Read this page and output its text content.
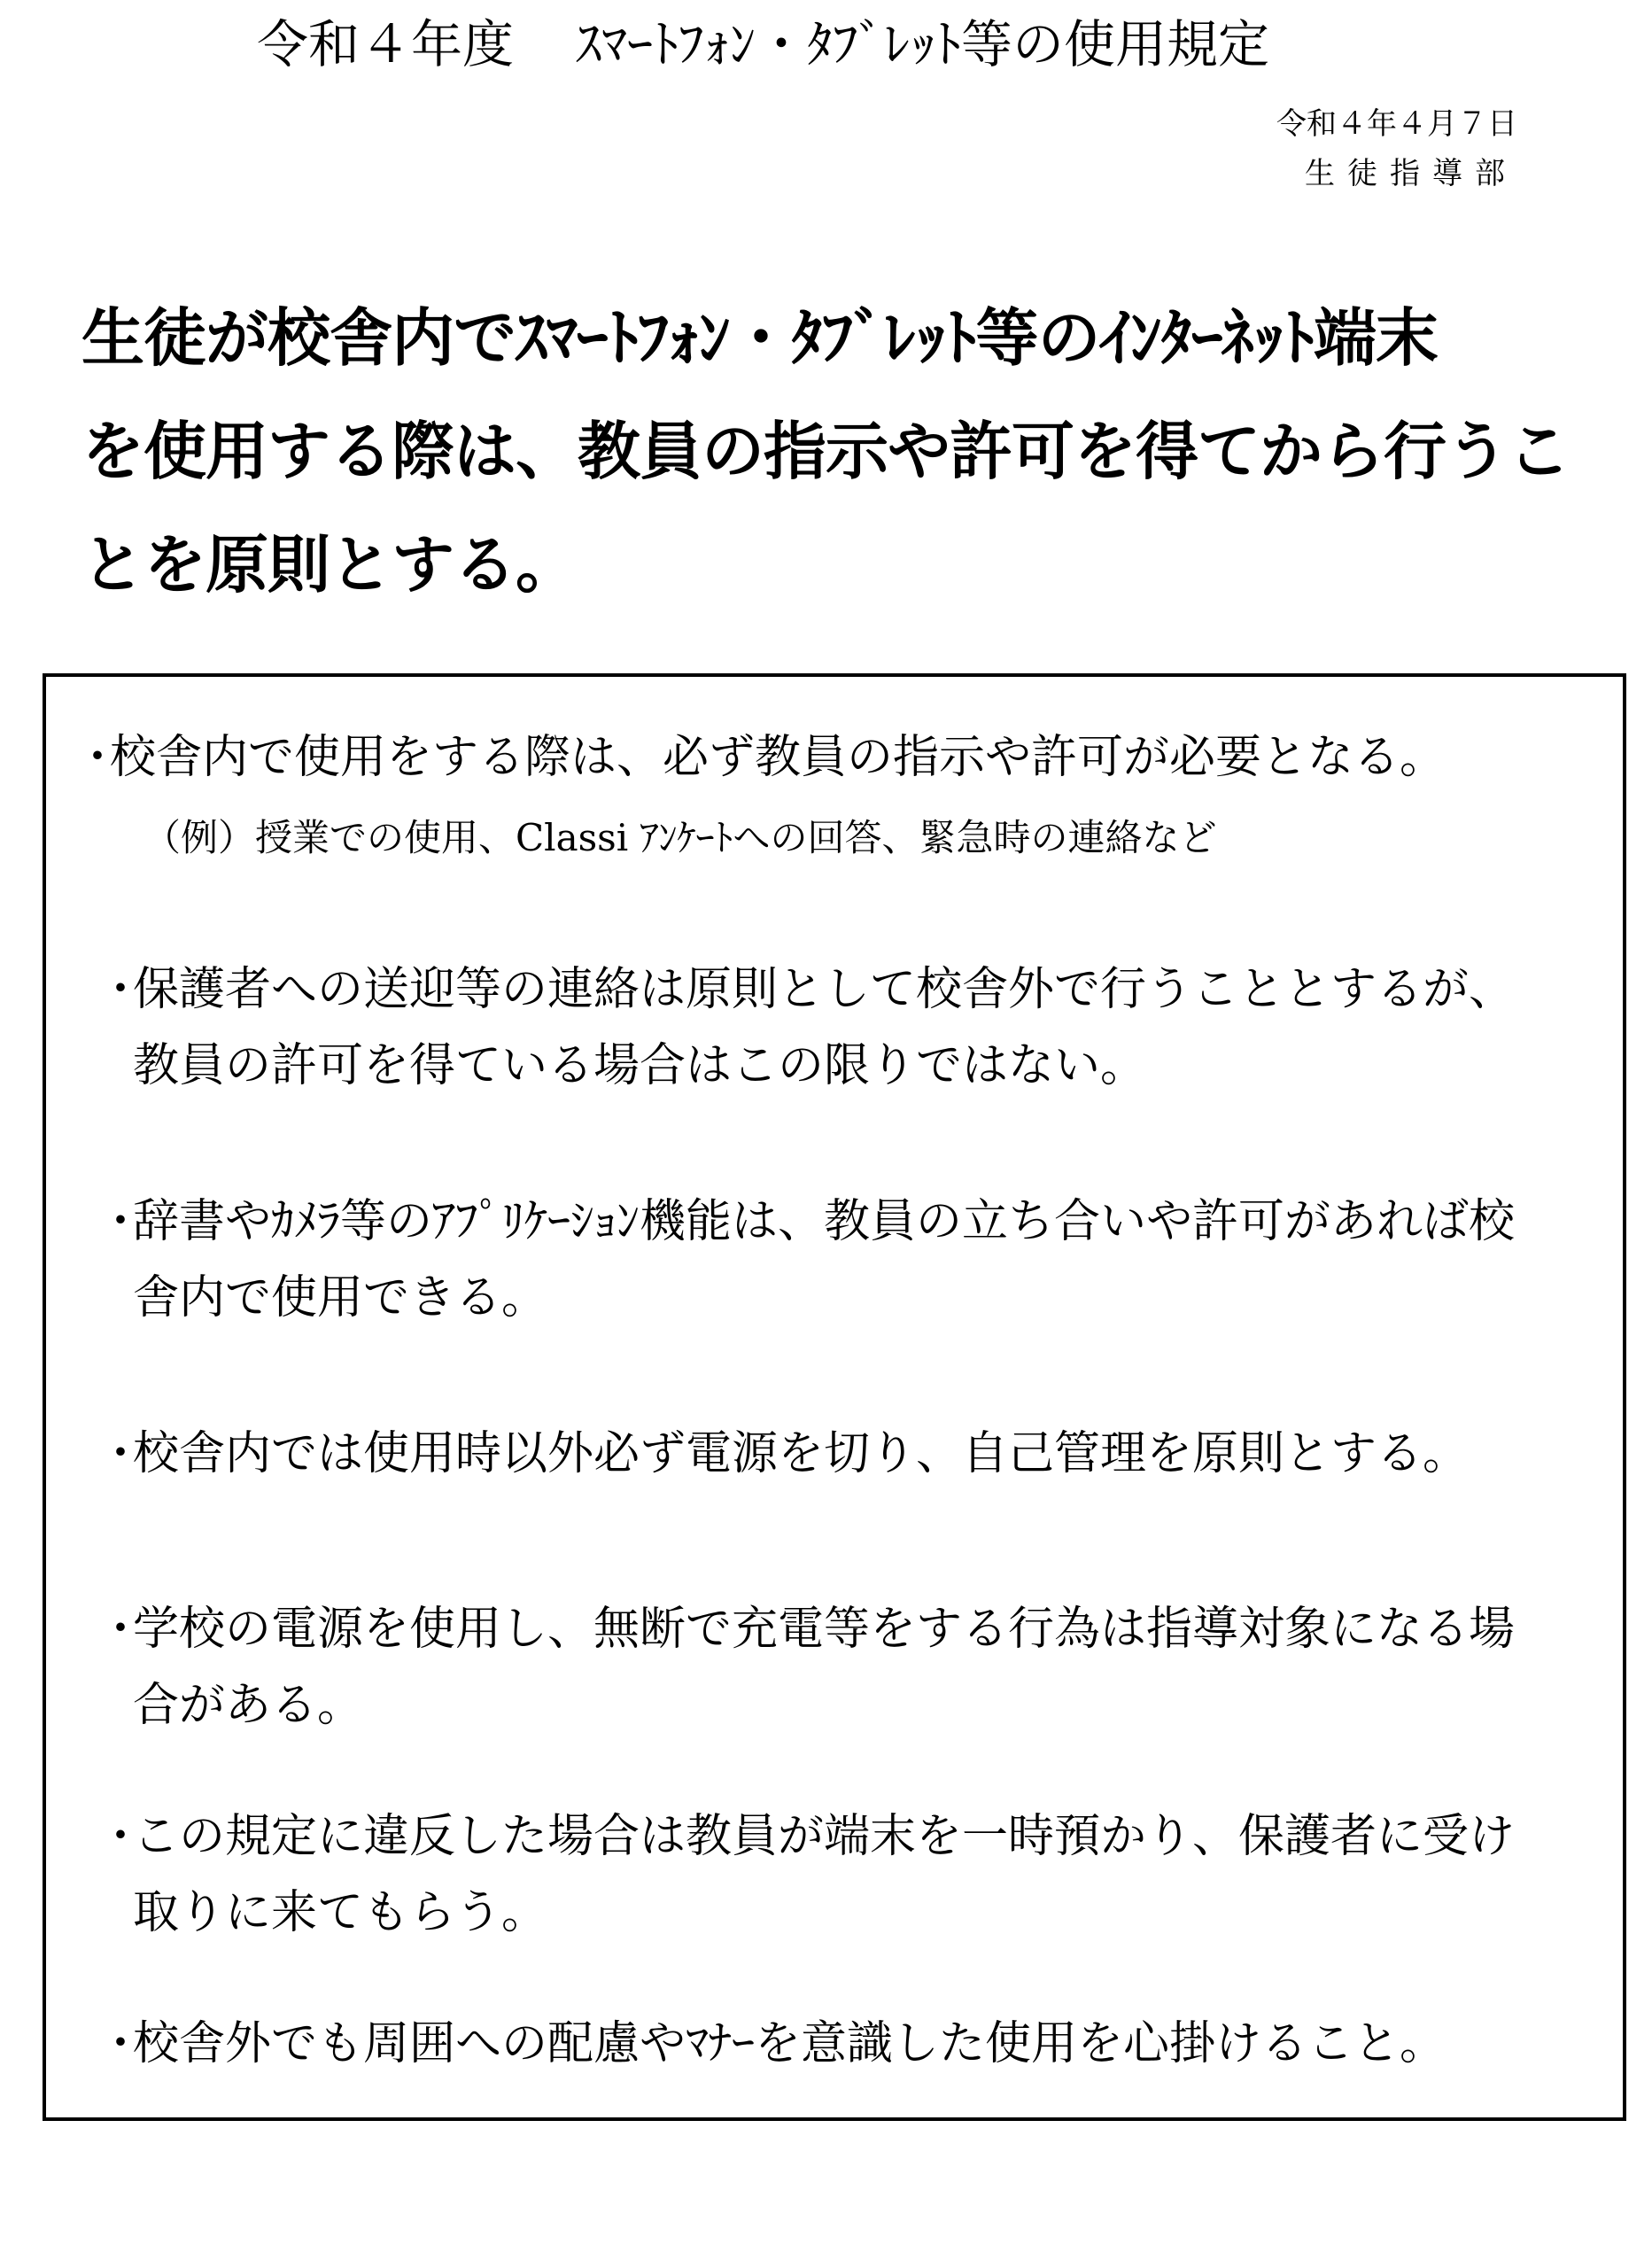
令和４年度 ｽﾏｰﾄﾌｫﾝ・ﾀﾌﾞﾚｯﾄ等の使用規定
令和４年４月７日
生徒指導部
生徒が校舎内でｽﾏｰﾄﾌｫﾝ・ﾀﾌﾞﾚｯﾄ等のｲﾝﾀｰﾈｯﾄ端末
を使用する際は、教員の指示や許可を得てから行うこ
とを原則とする。
・
校舎内で使用をする際は、必ず教員の指示や許可が必要となる。
（例）授業での使用、Classi ｱﾝｹｰﾄへの回答、緊急時の連絡など
・
保護者への送迎等の連絡は原則として校舎外で行うこととするが、
教員の許可を得ている場合はこの限りではない。
・
辞書やｶﾒﾗ等のｱﾌﾟﾘｹｰｼｮﾝ機能は、教員の立ち合いや許可があれば校
舎内で使用できる。
・
校舎内では使用時以外必ず電源を切り、自己管理を原則とする。
・
学校の電源を使用し、無断で充電等をする行為は指導対象になる場
合がある。
・
この規定に違反した場合は教員が端末を一時預かり、保護者に受け
取りに来てもらう。
・
校舎外でも周囲への配慮やﾏﾅｰを意識した使用を心掛けること。
